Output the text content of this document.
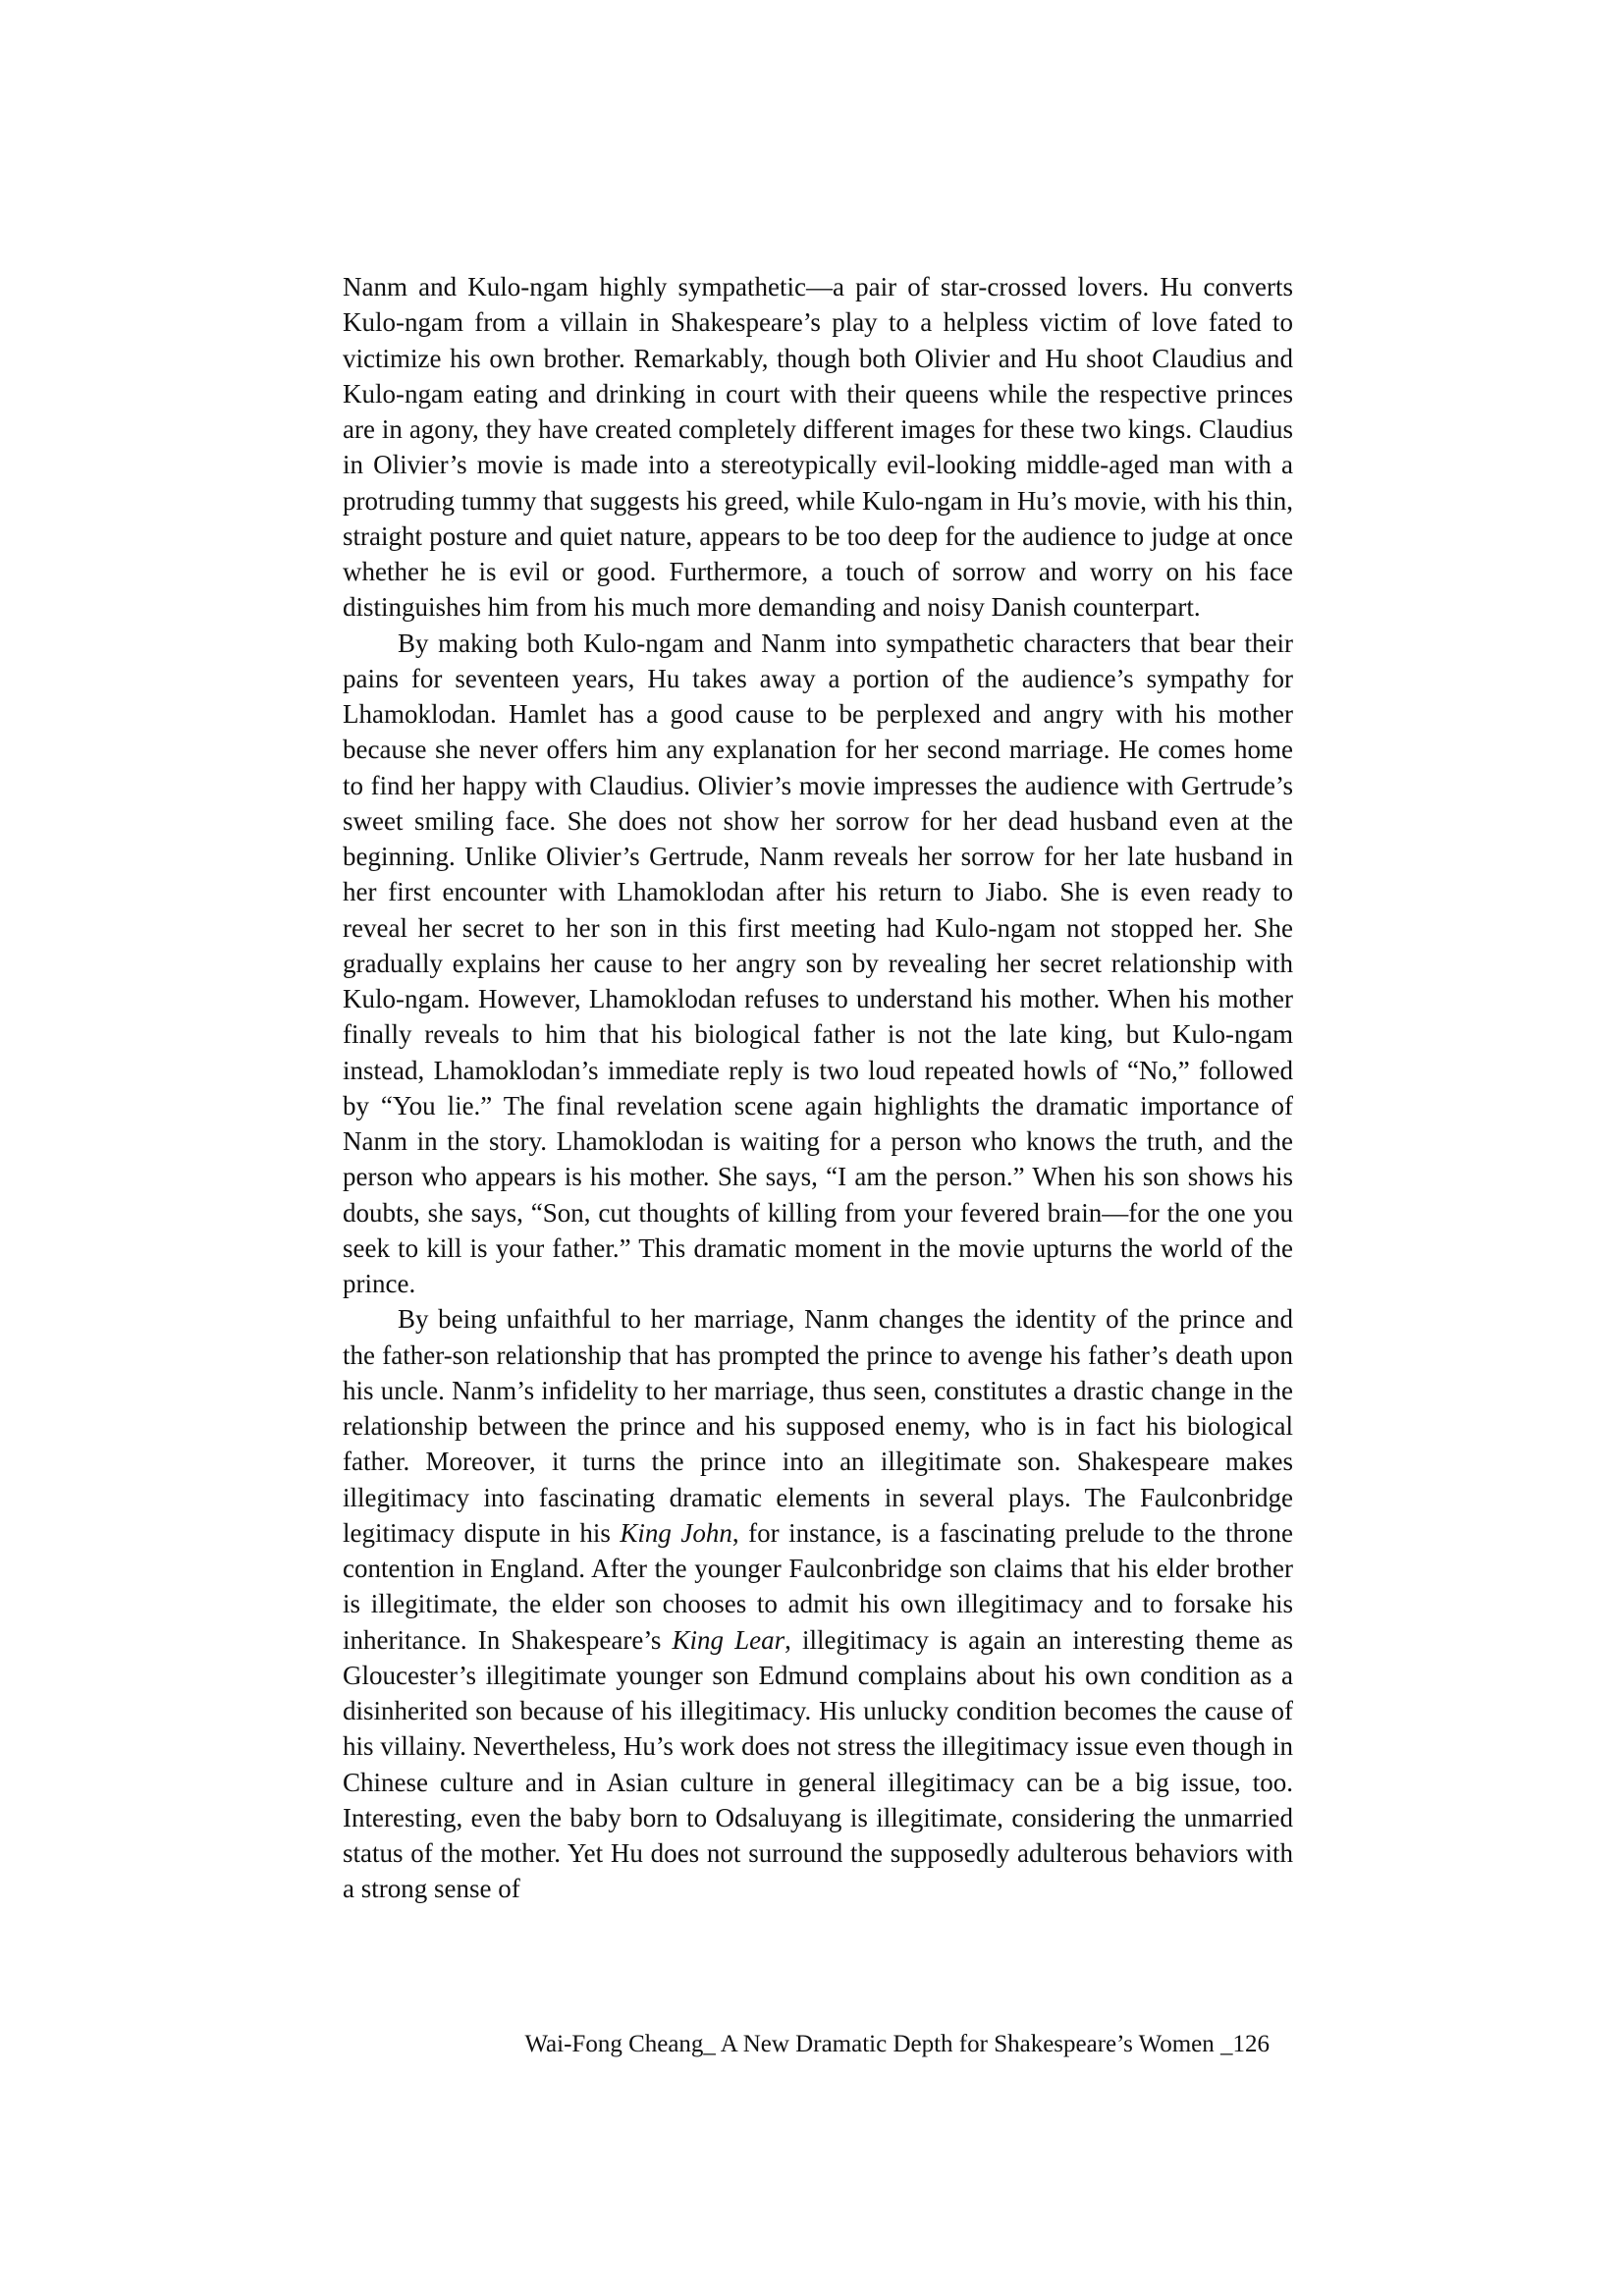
Nanm and Kulo-ngam highly sympathetic—a pair of star-crossed lovers. Hu converts Kulo-ngam from a villain in Shakespeare’s play to a helpless victim of love fated to victimize his own brother. Remarkably, though both Olivier and Hu shoot Claudius and Kulo-ngam eating and drinking in court with their queens while the respective princes are in agony, they have created completely different images for these two kings. Claudius in Olivier’s movie is made into a stereotypically evil-looking middle-aged man with a protruding tummy that suggests his greed, while Kulo-ngam in Hu’s movie, with his thin, straight posture and quiet nature, appears to be too deep for the audience to judge at once whether he is evil or good. Furthermore, a touch of sorrow and worry on his face distinguishes him from his much more demanding and noisy Danish counterpart.

By making both Kulo-ngam and Nanm into sympathetic characters that bear their pains for seventeen years, Hu takes away a portion of the audience’s sympathy for Lhamoklodan. Hamlet has a good cause to be perplexed and angry with his mother because she never offers him any explanation for her second marriage. He comes home to find her happy with Claudius. Olivier’s movie impresses the audience with Gertrude’s sweet smiling face. She does not show her sorrow for her dead husband even at the beginning. Unlike Olivier’s Gertrude, Nanm reveals her sorrow for her late husband in her first encounter with Lhamoklodan after his return to Jiabo. She is even ready to reveal her secret to her son in this first meeting had Kulo-ngam not stopped her. She gradually explains her cause to her angry son by revealing her secret relationship with Kulo-ngam. However, Lhamoklodan refuses to understand his mother. When his mother finally reveals to him that his biological father is not the late king, but Kulo-ngam instead, Lhamoklodan’s immediate reply is two loud repeated howls of “No,” followed by “You lie.” The final revelation scene again highlights the dramatic importance of Nanm in the story. Lhamoklodan is waiting for a person who knows the truth, and the person who appears is his mother. She says, “I am the person.” When his son shows his doubts, she says, “Son, cut thoughts of killing from your fevered brain—for the one you seek to kill is your father.” This dramatic moment in the movie upturns the world of the prince.

By being unfaithful to her marriage, Nanm changes the identity of the prince and the father-son relationship that has prompted the prince to avenge his father’s death upon his uncle. Nanm’s infidelity to her marriage, thus seen, constitutes a drastic change in the relationship between the prince and his supposed enemy, who is in fact his biological father. Moreover, it turns the prince into an illegitimate son. Shakespeare makes illegitimacy into fascinating dramatic elements in several plays. The Faulconbridge legitimacy dispute in his King John, for instance, is a fascinating prelude to the throne contention in England. After the younger Faulconbridge son claims that his elder brother is illegitimate, the elder son chooses to admit his own illegitimacy and to forsake his inheritance. In Shakespeare’s King Lear, illegitimacy is again an interesting theme as Gloucester’s illegitimate younger son Edmund complains about his own condition as a disinherited son because of his illegitimacy. His unlucky condition becomes the cause of his villainy. Nevertheless, Hu’s work does not stress the illegitimacy issue even though in Chinese culture and in Asian culture in general illegitimacy can be a big issue, too. Interesting, even the baby born to Odsaluyang is illegitimate, considering the unmarried status of the mother. Yet Hu does not surround the supposedly adulterous behaviors with a strong sense of

Wai-Fong Cheang_ A New Dramatic Depth for Shakespeare’s Women _126
